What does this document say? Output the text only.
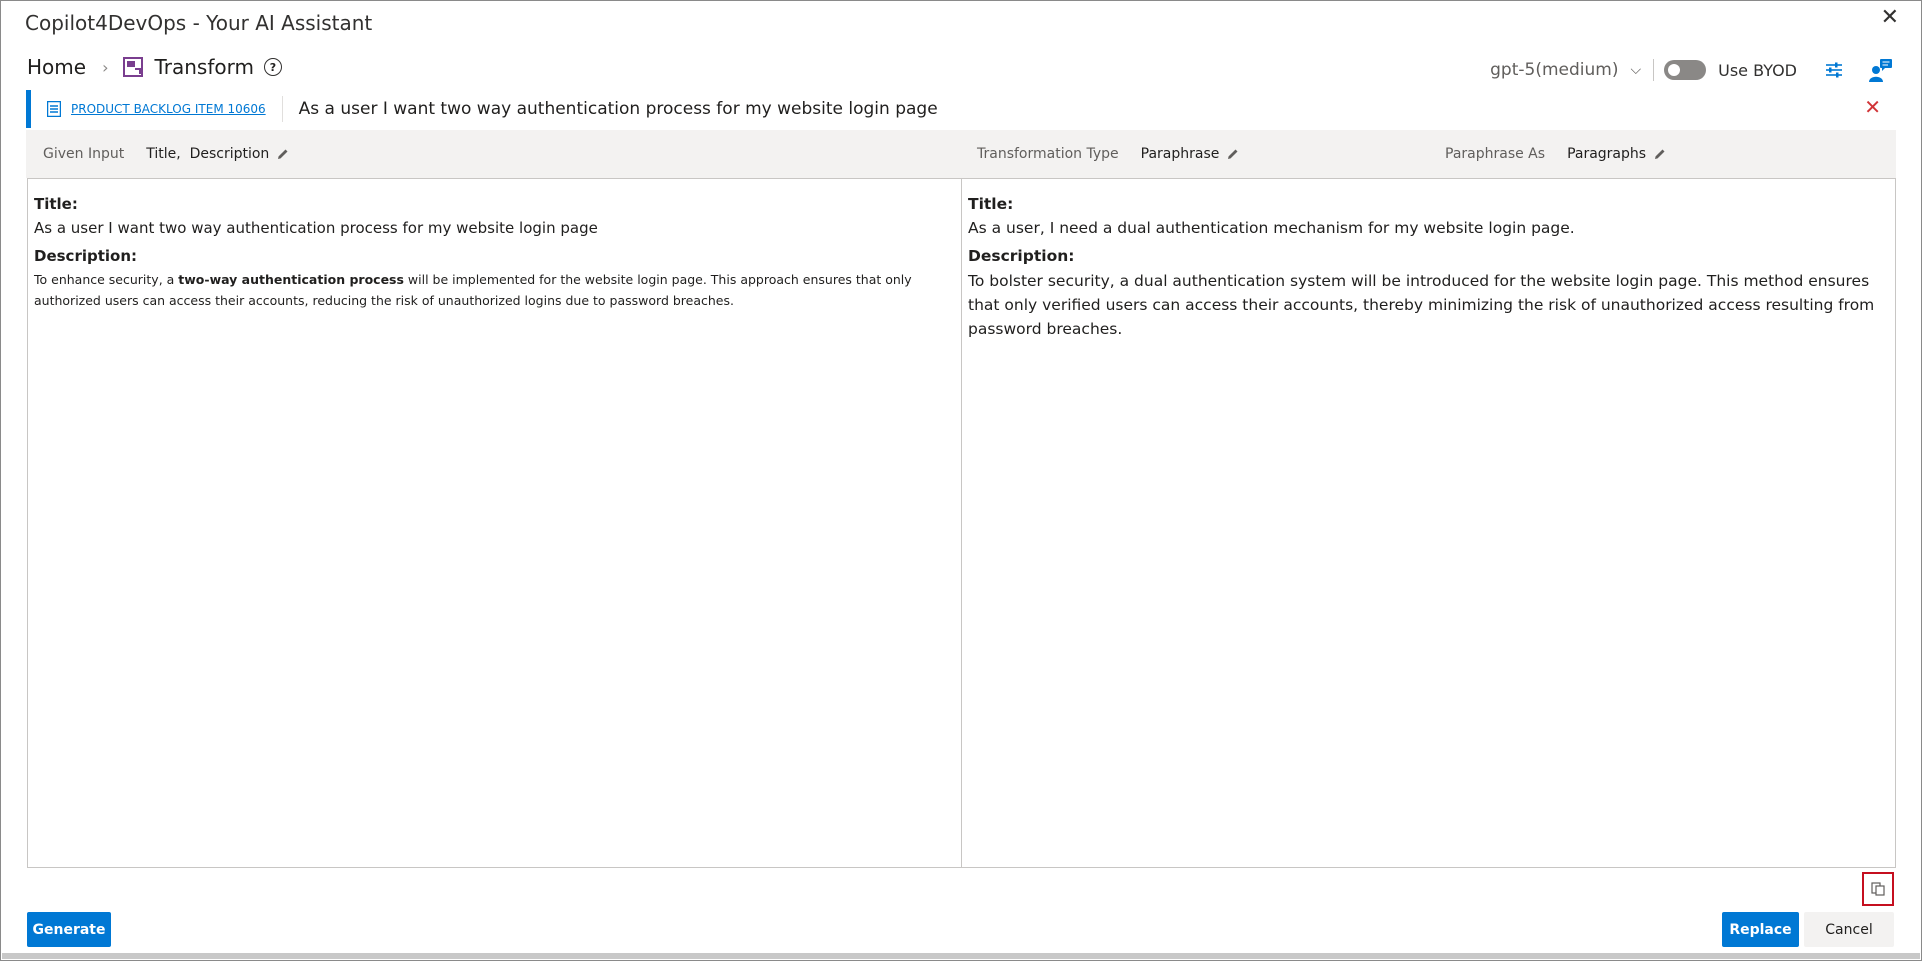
Copilot4DevOps - Your AI Assistant	✕
Home › Transform	?	gpt-5(medium) ⌵	Use BYOD
PRODUCT BACKLOG ITEM 10606 As a user I want two way authentication process for my website login page	✕
Given Input Title,  Description	Transformation Type Paraphrase	Paraphrase As Paragraphs
Title:
As a user I want two way authentication process for my website login page
Description:
To enhance security, a two-way authentication process will be implemented for the website login page. This approach ensures that only authorized users can access their accounts, reducing the risk of unauthorized logins due to password breaches.
Title:
As a user, I need a dual authentication mechanism for my website login page.
Description:
To bolster security, a dual authentication system will be introduced for the website login page. This method ensures that only verified users can access their accounts, thereby minimizing the risk of unauthorized access resulting from password breaches.
Generate	Replace	Cancel
